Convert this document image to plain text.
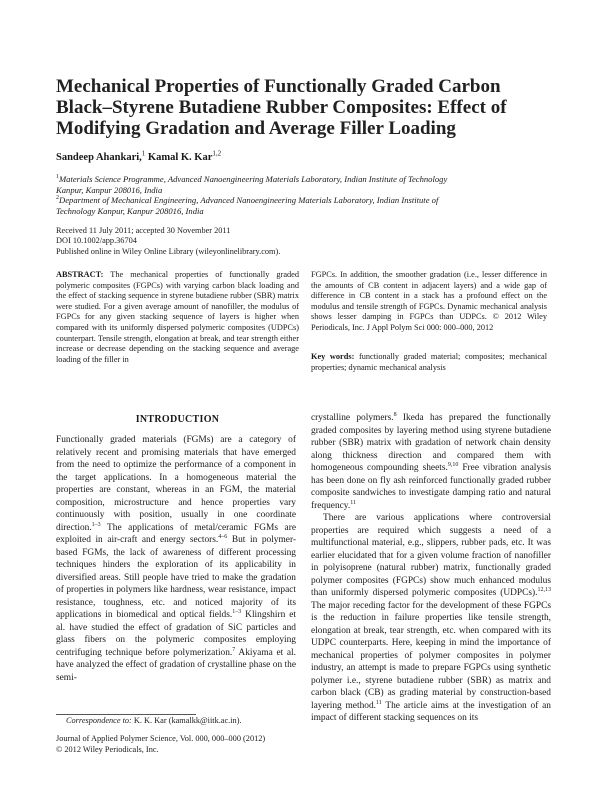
Mechanical Properties of Functionally Graded Carbon
Black–Styrene Butadiene Rubber Composites: Effect of
Modifying Gradation and Average Filler Loading
Sandeep Ahankari,$^1$ Kamal K. Kar$^{1,2}$
$^1$Materials Science Programme, Advanced Nanoengineering Materials Laboratory, Indian Institute of Technology
Kanpur, Kanpur 208016, India
$^2$Department of Mechanical Engineering, Advanced Nanoengineering Materials Laboratory, Indian Institute of
Technology Kanpur, Kanpur 208016, India
Received 11 July 2011; accepted 30 November 2011
DOI 10.1002/app.36704
Published online in Wiley Online Library (wileyonlinelibrary.com).
ABSTRACT: The mechanical properties of functionally graded polymeric composites (FGPCs) with varying carbon black loading and the effect of stacking sequence in styrene butadiene rubber (SBR) matrix were studied. For a given average amount of nanofiller, the modulus of FGPCs for any given stacking sequence of layers is higher when compared with its uniformly dispersed polymeric composites (UDPCs) counterpart. Tensile strength, elongation at break, and tear strength either increase or decrease depending on the stacking sequence and average loading of the filler in
FGPCs. In addition, the smoother gradation (i.e., lesser difference in the amounts of CB content in adjacent layers) and a wide gap of difference in CB content in a stack has a profound effect on the modulus and tensile strength of FGPCs. Dynamic mechanical analysis shows lesser damping in FGPCs than UDPCs. © 2012 Wiley Periodicals, Inc. J Appl Polym Sci 000: 000–000, 2012
Key words: functionally graded material; composites; mechanical properties; dynamic mechanical analysis
INTRODUCTION

Functionally graded materials (FGMs) are a category of relatively recent and promising materials that have emerged from the need to optimize the performance of a component in the target applications. In a homogeneous material the properties are constant, whereas in an FGM, the material composition, microstructure and hence properties vary continuously with position, usually in one coordinate direction.$^{1-3}$ The applications of metal/ceramic FGMs are exploited in air-craft and energy sectors.$^{4-6}$ But in polymer-based FGMs, the lack of awareness of different processing techniques hinders the exploration of its applicability in diversified areas. Still people have tried to make the gradation of properties in polymers like hardness, wear resistance, impact resistance, toughness, etc. and noticed majority of its applications in biomedical and optical fields.$^{1-3}$ Klingshirn et al. have studied the effect of gradation of SiC particles and glass fibers on the polymeric composites employing centrifuging technique before polymerization.$^7$ Akiyama et al. have analyzed the effect of gradation of crystalline phase on the semi-

crystalline polymers.$^8$ Ikeda has prepared the functionally graded composites by layering method using styrene butadiene rubber (SBR) matrix with gradation of network chain density along thickness direction and compared them with homogeneous compounding sheets.$^{9,10}$ Free vibration analysis has been done on fly ash reinforced functionally graded rubber composite sandwiches to investigate damping ratio and natural frequency.$^{11}$

There are various applications where controversial properties are required which suggests a need of a multifunctional material, e.g., slippers, rubber pads, etc. It was earlier elucidated that for a given volume fraction of nanofiller in polyisoprene (natural rubber) matrix, functionally graded polymer composites (FGPCs) show much enhanced modulus than uniformly dispersed polymeric composites (UDPCs).$^{12,13}$ The major receding factor for the development of these FGPCs is the reduction in failure properties like tensile strength, elongation at break, tear strength, etc. when compared with its UDPC counterparts. Here, keeping in mind the importance of mechanical properties of polymer composites in polymer industry, an attempt is made to prepare FGPCs using synthetic polymer i.e., styrene butadiene rubber (SBR) as matrix and carbon black (CB) as grading material by construction-based layering method.$^{11}$ The article aims at the investigation of an impact of different stacking sequences on its

Correspondence to: K. K. Kar (kamalkk@iitk.ac.in).
Journal of Applied Polymer Science, Vol. 000, 000–000 (2012)
© 2012 Wiley Periodicals, Inc.
